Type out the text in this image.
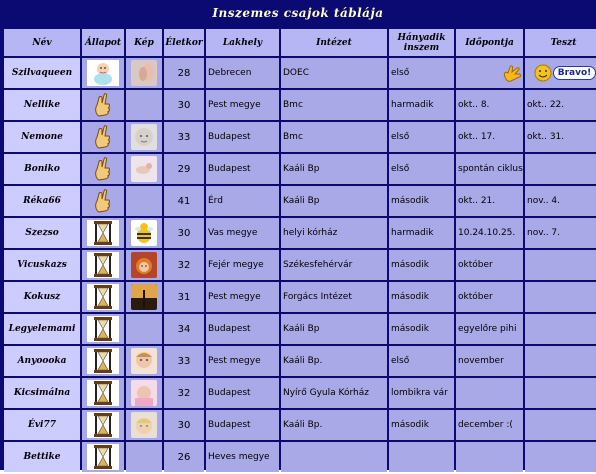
Inszemes csajok táblája
Név	Állapot	Kép	Életkor	Lakhely	Intézet	Hányadik inszem	Időpontja	Teszt
Szilvaqueen			28	Debrecen	DOEC	első		Bravo!
Nellike			30	Pest megye	Bmc	harmadik	okt.. 8.	okt.. 22.
Nemone			33	Budapest	Bmc	első	okt.. 17.	okt.. 31.
Boniko			29	Budapest	Kaáli Bp	első	spontán ciklus	
Réka66			41	Érd	Kaáli Bp	második	okt.. 21.	nov.. 4.
Szezso			30	Vas megye	helyi kórház	harmadik	10.24.10.25.	nov.. 7.
Vicuskazs			32	Fejér megye	Székesfehérvár	második	október	
Kokusz			31	Pest megye	Forgács Intézet	második	október	
Legyelemami			34	Budapest	Kaáli Bp	második	egyelőre pihi	
Anyoooka			33	Pest megye	Kaáli Bp.	első	november	
Kicsimálna			32	Budapest	Nyírő Gyula Kórház	lombikra vár		
Évi77			30	Budapest	Kaáli Bp.	második	december :(	
Bettike			26	Heves megye				
